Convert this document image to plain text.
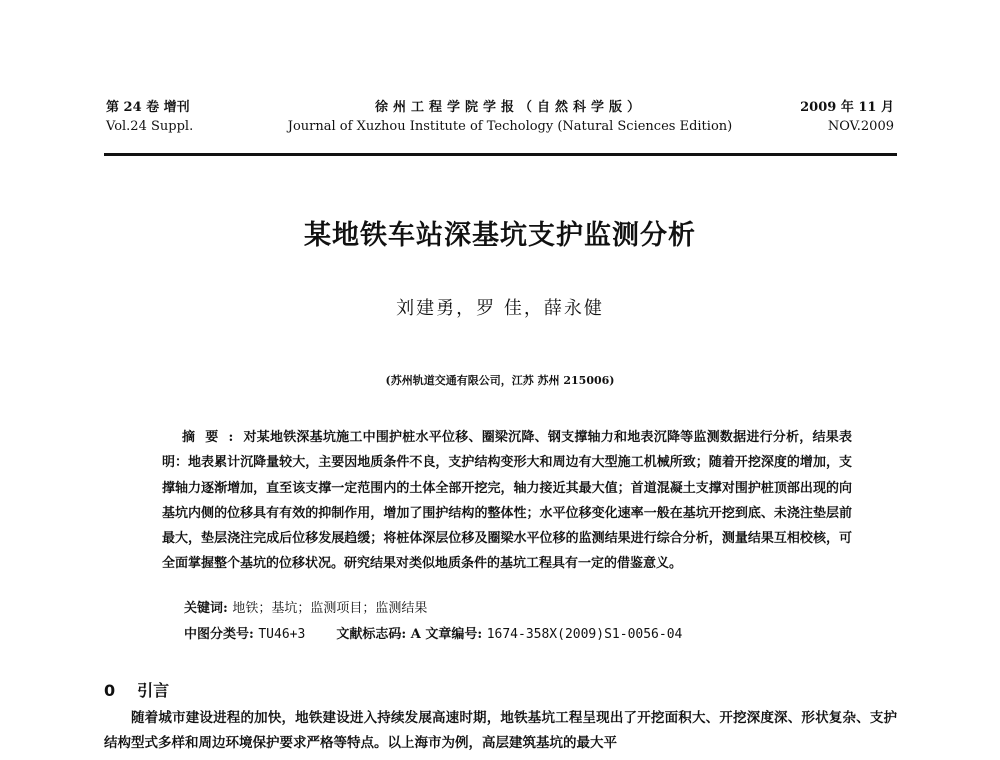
第 24 卷 增刊
Vol.24 Suppl.
徐州工程学院学报（自然科学版）
Journal of Xuzhou Institute of Techology (Natural Sciences Edition)
2009 年 11 月
NOV.2009
某地铁车站深基坑支护监测分析
刘建勇，罗 佳，薛永健
(苏州轨道交通有限公司，江苏 苏州 215006)
摘要:对某地铁深基坑施工中围护桩水平位移、圈梁沉降、钢支撑轴力和地表沉降等监测数据进行分析，结果表明：地表累计沉降量较大，主要因地质条件不良，支护结构变形大和周边有大型施工机械所致；随着开挖深度的增加，支撑轴力逐渐增加，直至该支撑一定范围内的土体全部开挖完，轴力接近其最大值；首道混凝土支撑对围护桩顶部出现的向基坑内侧的位移具有有效的抑制作用，增加了围护结构的整体性；水平位移变化速率一般在基坑开挖到底、未浇注垫层前最大，垫层浇注完成后位移发展趋缓；将桩体深层位移及圈梁水平位移的监测结果进行综合分析，测量结果互相校核，可全面掌握整个基坑的位移状况。研究结果对类似地质条件的基坑工程具有一定的借鉴意义。
关键词: 地铁；基坑；监测项目；监测结果
中图分类号: TU46+3 文献标志码: A 文章编号: 1674-358X(2009)S1-0056-04
0 引言
随着城市建设进程的加快，地铁建设进入持续发展高速时期，地铁基坑工程呈现出了开挖面积大、开挖深度深、形状复杂、支护结构型式多样和周边环境保护要求严格等特点。以上海市为例，高层建筑基坑的最大平
